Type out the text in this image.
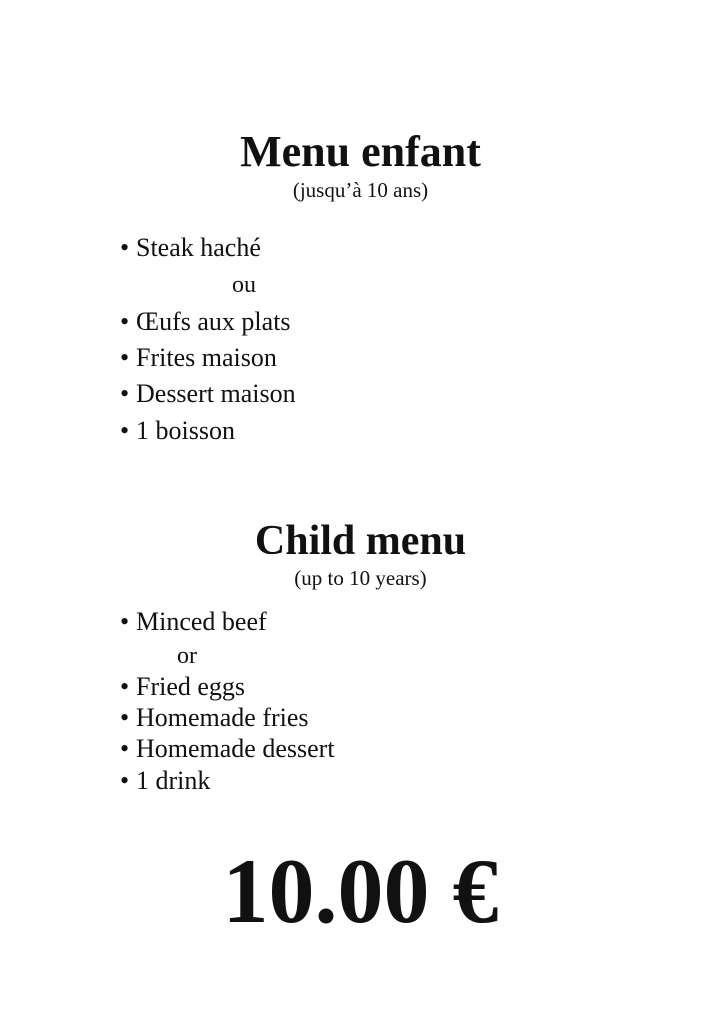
Menu enfant

(jusqu’à 10 ans)

• Steak haché
ou
• Œufs aux plats
• Frites maison
• Dessert maison
• 1 boisson
Child menu

(up to 10 years)

• Minced beef
or
• Fried eggs
• Homemade fries
• Homemade dessert
• 1 drink
10.00 €
